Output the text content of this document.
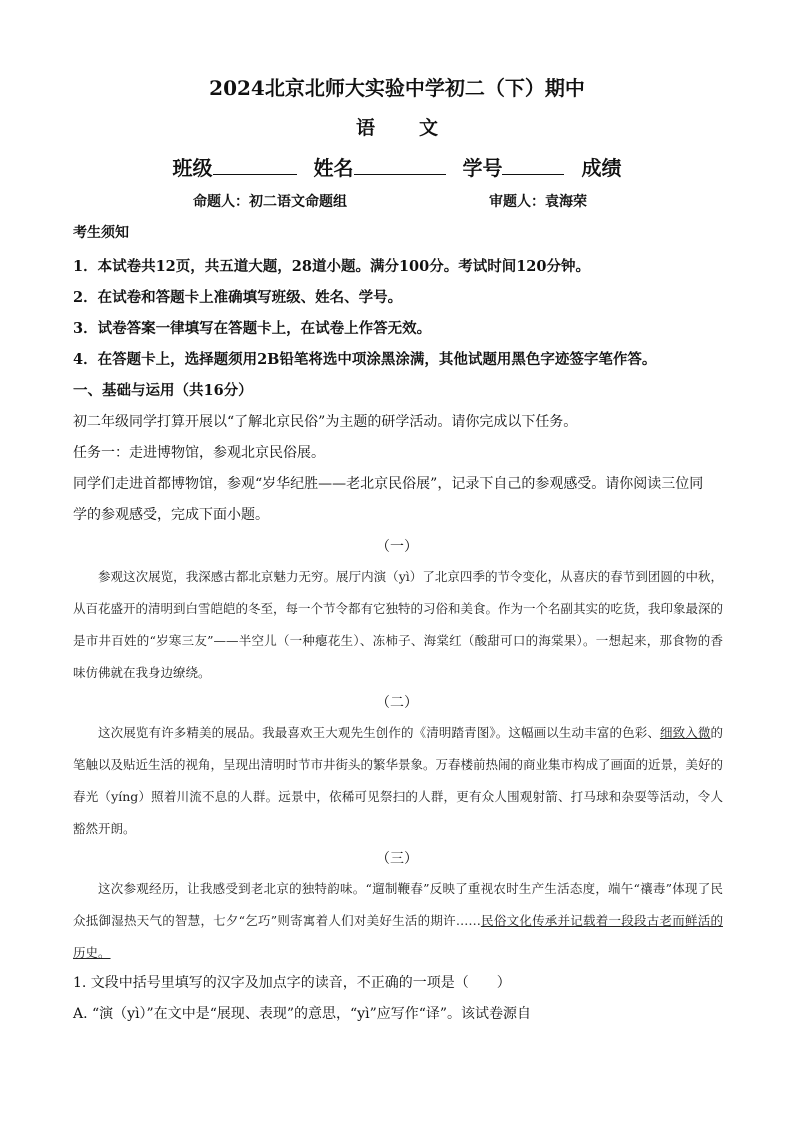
2024北京北师大实验中学初二（下）期中
语文
班级	姓名	学号	成绩
命题人：初二语文命题组	审题人：袁海荣
考生须知
1．本试卷共12页，共五道大题，28道小题。满分100分。考试时间120分钟。
2．在试卷和答题卡上准确填写班级、姓名、学号。
3．试卷答案一律填写在答题卡上，在试卷上作答无效。
4．在答题卡上，选择题须用2B铅笔将选中项涂黑涂满，其他试题用黑色字迹签字笔作答。
一、基础与运用（共16分）
初二年级同学打算开展以“了解北京民俗”为主题的研学活动。请你完成以下任务。
任务一：走进博物馆，参观北京民俗展。
同学们走进首都博物馆，参观“岁华纪胜——老北京民俗展”，记录下自己的参观感受。请你阅读三位同
学的参观感受，完成下面小题。
（一）

参观这次展览，我深感古都北京魅力无穷。展厅内演（yì）了北京四季的节令变化，从喜庆的春节到团圆的中秋，从百花盛开的清明到白雪皑皑的冬至，每一个节令都有它独特的习俗和美食。作为一个名副其实的吃货，我印象最深的是市井百姓的“岁寒三友”——半空儿（一种瘪花生）、冻柿子、海棠红（酸甜可口的海棠果）。一想起来，那食物的香味仿佛就在我身边缭绕。

（二）

这次展览有许多精美的展品。我最喜欢王大观先生创作的《清明踏青图》。这幅画以生动丰富的色彩、细致入微的笔触以及贴近生活的视角，呈现出清明时节市井街头的繁华景象。万春楼前热闹的商业集市构成了画面的近景，美好的春光（yíng）照着川流不息的人群。远景中，依稀可见祭扫的人群，更有众人围观射箭、打马球和杂耍等活动，令人豁然开朗。

（三）

这次参观经历，让我感受到老北京的独特韵味。“遛制鞭春”反映了重视农时生产生活态度，端午“禳毒”体现了民众抵御湿热天气的智慧，七夕“乞巧”则寄寓着人们对美好生活的期许……民俗文化传承并记载着一段段古老而鲜活的历史。

1. 文段中括号里填写的汉字及加点字的读音，不正确的一项是（　　）
A. “演（yì）”在文中是“展现、表现”的意思，“yì”应写作“译”。该试卷源自
